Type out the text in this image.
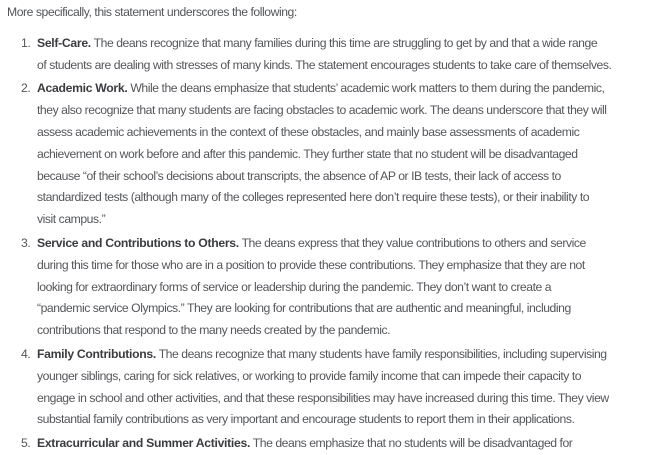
More specifically, this statement underscores the following:

1. Self-Care. The deans recognize that many families during this time are struggling to get by and that a wide range
of students are dealing with stresses of many kinds. The statement encourages students to take care of themselves.
2. Academic Work. While the deans emphasize that students’ academic work matters to them during the pandemic,
they also recognize that many students are facing obstacles to academic work. The deans underscore that they will
assess academic achievements in the context of these obstacles, and mainly base assessments of academic
achievement on work before and after this pandemic. They further state that no student will be disadvantaged
because “of their school’s decisions about transcripts, the absence of AP or IB tests, their lack of access to
standardized tests (although many of the colleges represented here don’t require these tests), or their inability to
visit campus.”
3. Service and Contributions to Others. The deans express that they value contributions to others and service
during this time for those who are in a position to provide these contributions. They emphasize that they are not
looking for extraordinary forms of service or leadership during the pandemic. They don’t want to create a
“pandemic service Olympics.” They are looking for contributions that are authentic and meaningful, including
contributions that respond to the many needs created by the pandemic.
4. Family Contributions. The deans recognize that many students have family responsibilities, including supervising
younger siblings, caring for sick relatives, or working to provide family income that can impede their capacity to
engage in school and other activities, and that these responsibilities may have increased during this time. They view
substantial family contributions as very important and encourage students to report them in their applications.
5. Extracurricular and Summer Activities. The deans emphasize that no students will be disadvantaged for
